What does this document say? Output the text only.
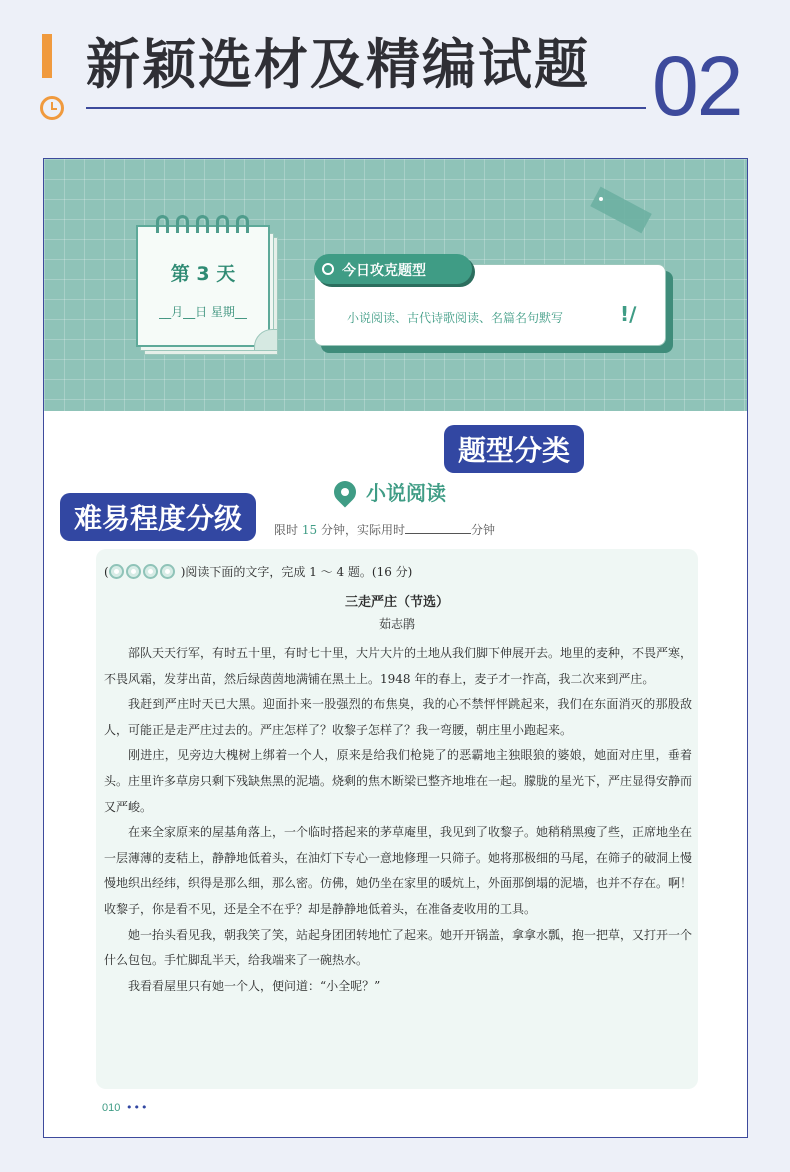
新颖选材及精编试题 02
第 3 天
__月__日 星期__
今日攻克题型
小说阅读、古代诗歌阅读、名篇名句默写	!∕
题型分类
难易程度分级
小说阅读
限时 15 分钟，实际用时	分钟
(	) 阅读下面的文字，完成 1 ～ 4 题。(16 分)
三走严庄（节选）
茹志鹃

部队天天行军，有时五十里，有时七十里，大片大片的土地从我们脚下伸展开去。地里的麦种，不畏严寒，不畏风霜，发芽出苗，然后绿茵茵地满铺在黑土上。1948 年的春上，麦子才一拃高，我二次来到严庄。

我赶到严庄时天已大黑。迎面扑来一股强烈的布焦臭，我的心不禁怦怦跳起来，我们在东面消灭的那股敌人，可能正是走严庄过去的。严庄怎样了？收黎子怎样了？我一弯腰，朝庄里小跑起来。

刚进庄，见旁边大槐树上绑着一个人，原来是给我们枪毙了的恶霸地主独眼狼的婆娘，她面对庄里，垂着头。庄里许多草房只剩下残缺焦黑的泥墙。烧剩的焦木断梁已整齐地堆在一起。朦胧的星光下，严庄显得安静而又严峻。

在来全家原来的屋基角落上，一个临时搭起来的茅草庵里，我见到了收黎子。她稍稍黑瘦了些，正席地坐在一层薄薄的麦秸上，静静地低着头，在油灯下专心一意地修理一只筛子。她将那极细的马尾，在筛子的破洞上慢慢地织出经纬，织得是那么细，那么密。仿佛，她仍坐在家里的暖炕上，外面那倒塌的泥墙，也并不存在。啊！收黎子，你是看不见，还是全不在乎？却是静静地低着头，在准备麦收用的工具。

她一抬头看见我，朝我笑了笑，站起身团团转地忙了起来。她开开锅盖，拿拿水瓢，抱一把草，又打开一个什么包包。手忙脚乱半天，给我端来了一碗热水。

我看看屋里只有她一个人，便问道：“小全呢？”

010 •••
